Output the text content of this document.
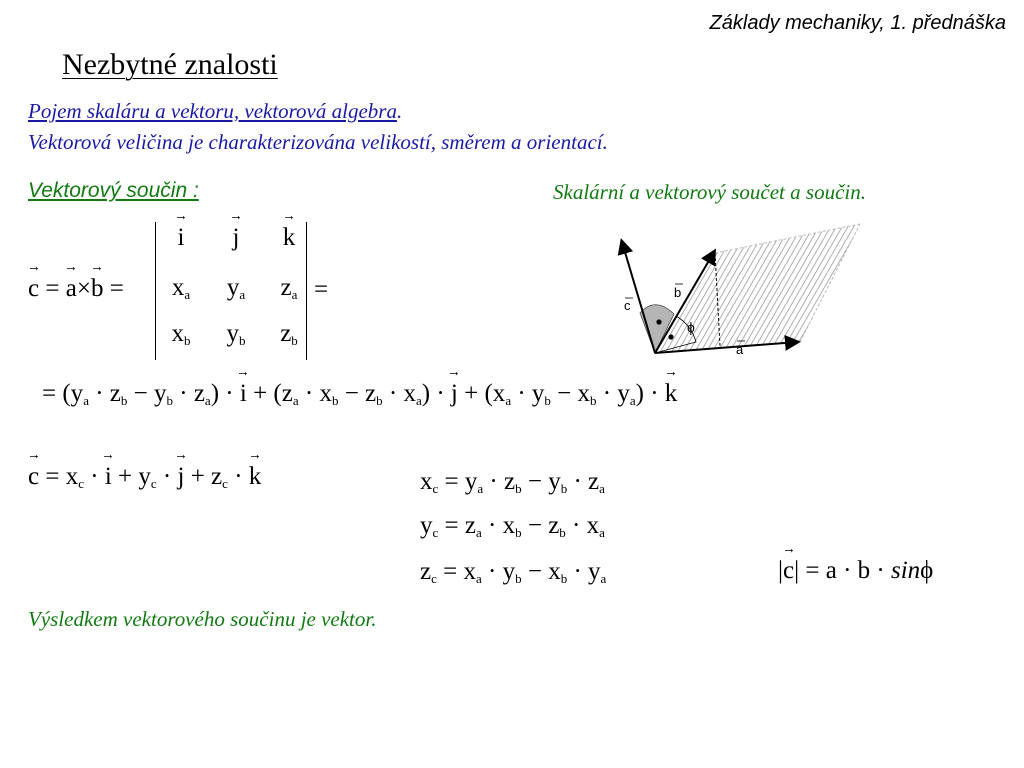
Základy mechaniky, 1. přednáška
Nezbytné znalosti
Pojem skaláru a vektoru, vektorová algebra.
Vektorová veličina je charakterizována velikostí, směrem a orientací.
Vektorový součin :	Skalární a vektorový součet a součin.
→ c = → a×→ b =
→ i	→ j	→ k
$x_a$	$y_a$	$z_a$
$x_b$	$y_b$	$z_b$
=
= $(y_a \cdot z_b - y_b \cdot z_a)$ · → $i + (z_a \cdot x_b - z_b \cdot x_a)$ · → $j + (x_a \cdot y_b - x_b \cdot y_a)$ · → k
→ $c = x_c$ · → $i + y_c$ · → $j + z_c$ · → k	$x_c = y_a \cdot z_b - y_b \cdot z_a$
$y_c = z_a \cdot x_b - z_b \cdot x_a$
$z_c = x_a \cdot y_b - x_b \cdot y_a$	|→ c| = a · b · sinϕ
Výsledkem vektorového součinu je vektor.
c
b
a
ϕ
